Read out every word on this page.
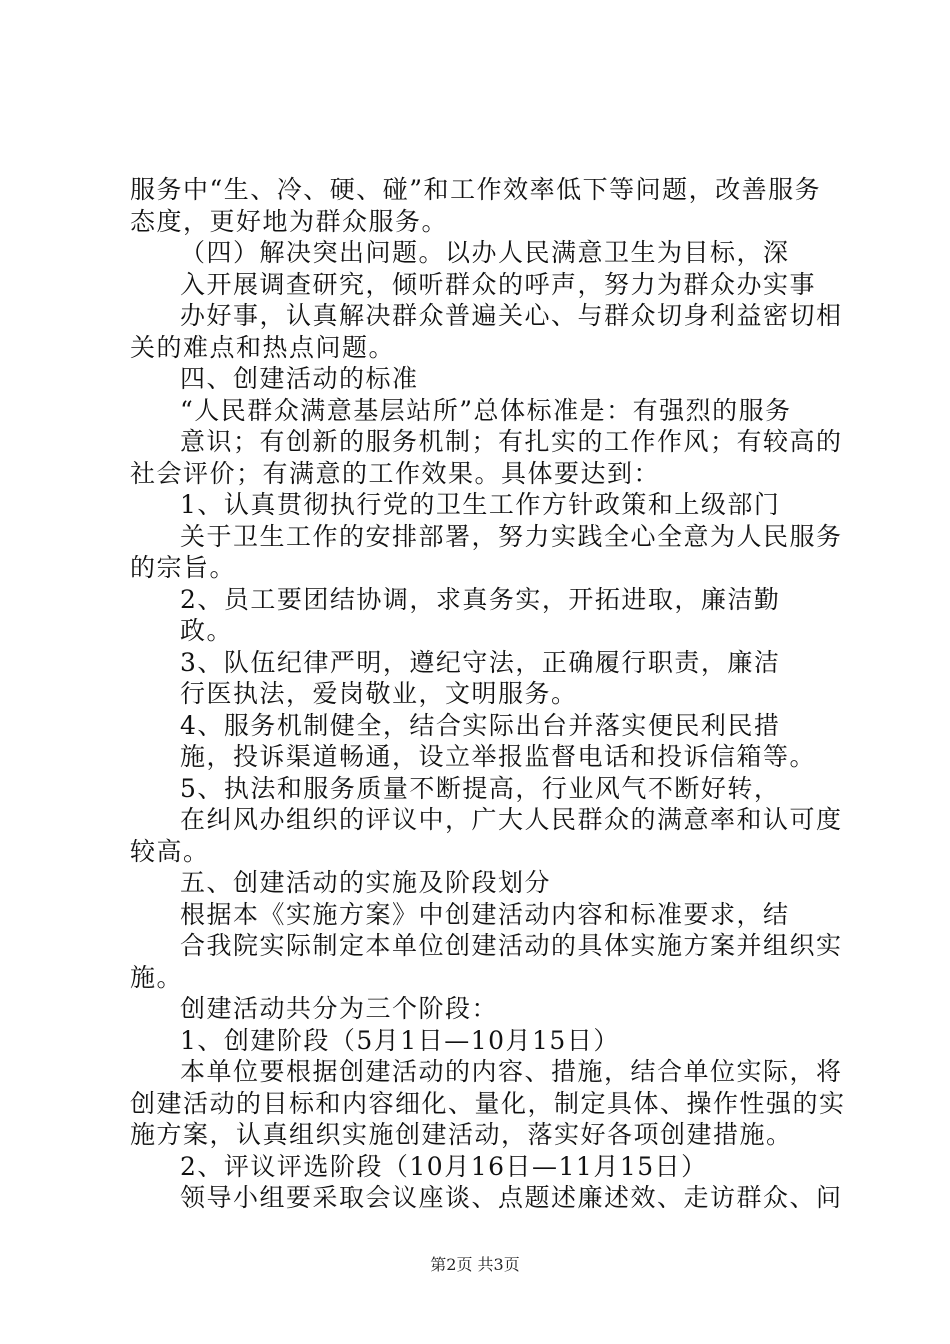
服务中“生、冷、硬、碰”和工作效率低下等问题，改善服务
态度，更好地为群众服务。
（四）解决突出问题。以办人民满意卫生为目标，深
入开展调查研究，倾听群众的呼声，努力为群众办实事
办好事，认真解决群众普遍关心、与群众切身利益密切相
关的难点和热点问题。
四、创建活动的标准
“人民群众满意基层站所”总体标准是：有强烈的服务
意识；有创新的服务机制；有扎实的工作作风；有较高的
社会评价；有满意的工作效果。具体要达到：
1、认真贯彻执行党的卫生工作方针政策和上级部门
关于卫生工作的安排部署，努力实践全心全意为人民服务
的宗旨。
2、员工要团结协调，求真务实，开拓进取，廉洁勤
政。
3、队伍纪律严明，遵纪守法，正确履行职责，廉洁
行医执法，爱岗敬业，文明服务。
4、服务机制健全，结合实际出台并落实便民利民措
施，投诉渠道畅通，设立举报监督电话和投诉信箱等。
5、执法和服务质量不断提高，行业风气不断好转，
在纠风办组织的评议中，广大人民群众的满意率和认可度
较高。
五、创建活动的实施及阶段划分
根据本《实施方案》中创建活动内容和标准要求，结
合我院实际制定本单位创建活动的具体实施方案并组织实
施。
创建活动共分为三个阶段：
1、创建阶段（5月1日—10月15日）
本单位要根据创建活动的内容、措施，结合单位实际，将
创建活动的目标和内容细化、量化，制定具体、操作性强的实
施方案，认真组织实施创建活动，落实好各项创建措施。
2、评议评选阶段（10月16日—11月15日）
领导小组要采取会议座谈、点题述廉述效、走访群众、问
第2页 共3页
